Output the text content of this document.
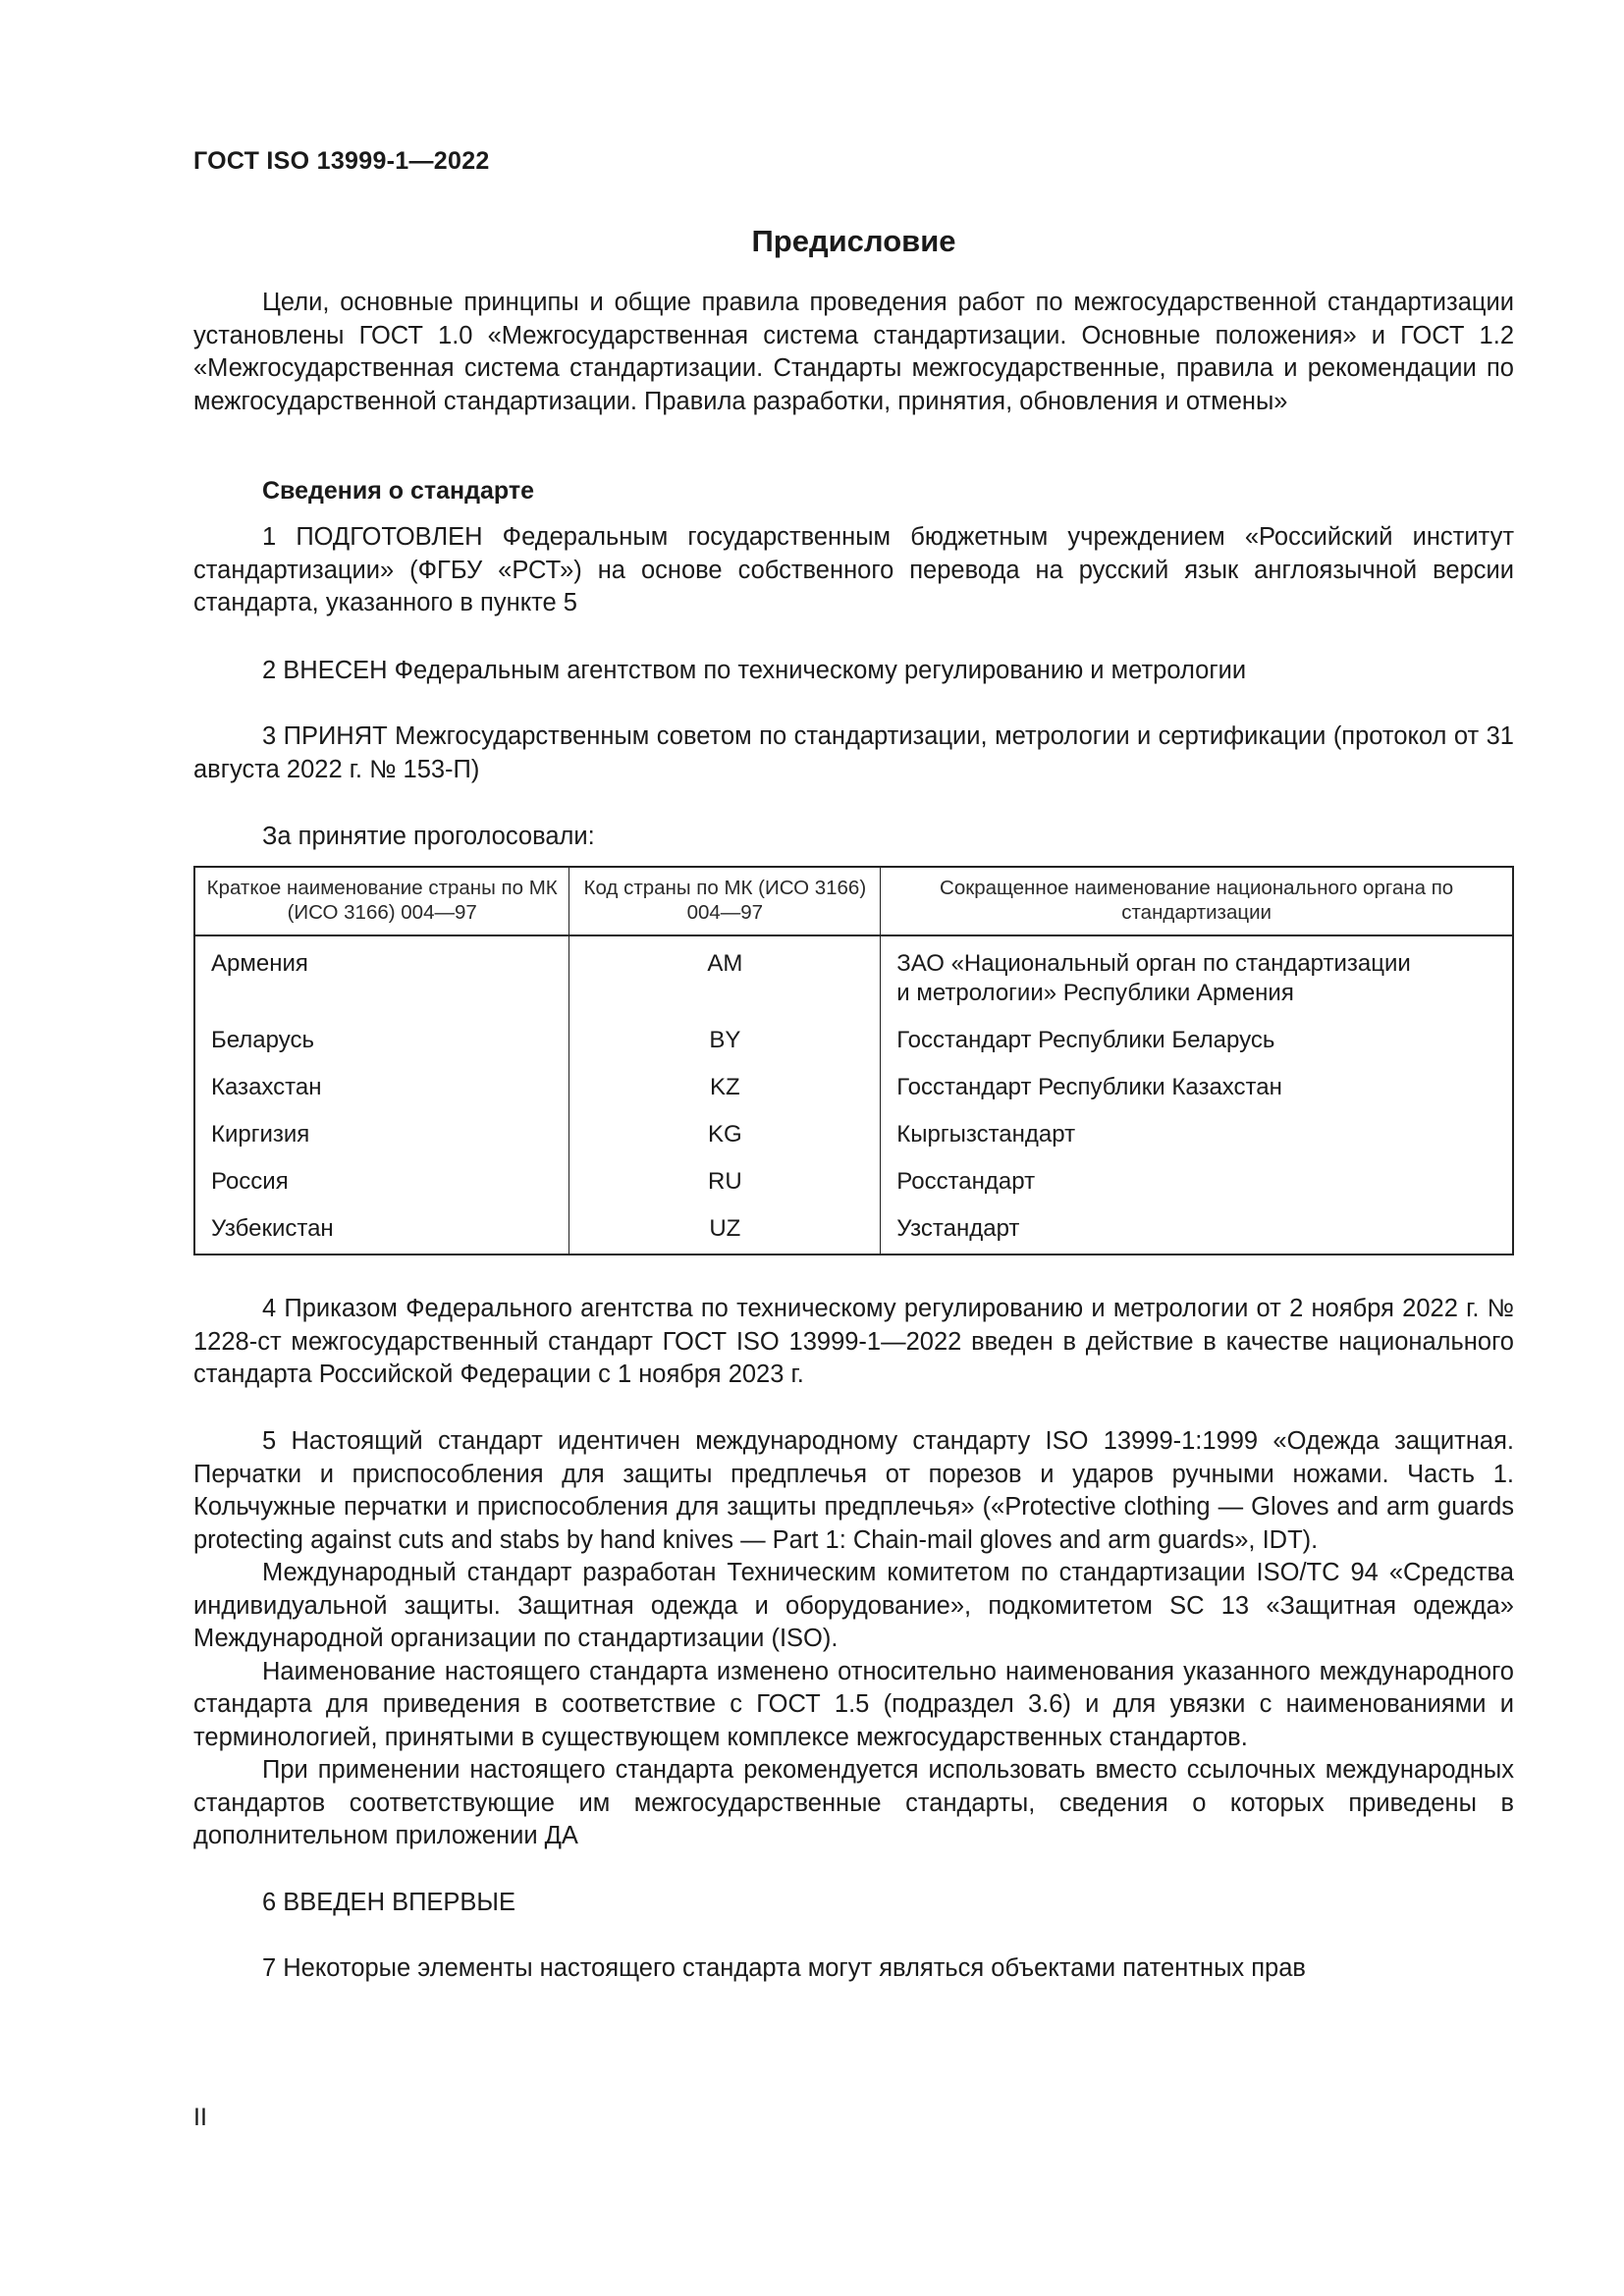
ГОСТ ISO 13999-1—2022
Предисловие

Цели, основные принципы и общие правила проведения работ по межгосударственной стандартизации установлены ГОСТ 1.0 «Межгосударственная система стандартизации. Основные положения» и ГОСТ 1.2 «Межгосударственная система стандартизации. Стандарты межгосударственные, правила и рекомендации по межгосударственной стандартизации. Правила разработки, принятия, обновления и отмены»

Сведения о стандарте

1 ПОДГОТОВЛЕН Федеральным государственным бюджетным учреждением «Российский институт стандартизации» (ФГБУ «РСТ») на основе собственного перевода на русский язык англоязычной версии стандарта, указанного в пункте 5

2 ВНЕСЕН Федеральным агентством по техническому регулированию и метрологии

3 ПРИНЯТ Межгосударственным советом по стандартизации, метрологии и сертификации (протокол от 31 августа 2022 г. № 153-П)

За принятие проголосовали:

Краткое наименование страны по МК (ИСО 3166) 004—97	Код страны по МК (ИСО 3166) 004—97	Сокращенное наименование национального органа по стандартизации
Армения	AM	ЗАО «Национальный орган по стандартизации
и метрологии» Республики Армения
Беларусь	BY	Госстандарт Республики Беларусь
Казахстан	KZ	Госстандарт Республики Казахстан
Киргизия	KG	Кыргызстандарт
Россия	RU	Росстандарт
Узбекистан	UZ	Узстандарт

4 Приказом Федерального агентства по техническому регулированию и метрологии от 2 ноября 2022 г. № 1228-ст межгосударственный стандарт ГОСТ ISO 13999-1—2022 введен в действие в качестве национального стандарта Российской Федерации с 1 ноября 2023 г.

5 Настоящий стандарт идентичен международному стандарту ISO 13999-1:1999 «Одежда защитная. Перчатки и приспособления для защиты предплечья от порезов и ударов ручными ножами. Часть 1. Кольчужные перчатки и приспособления для защиты предплечья» («Protective clothing — Gloves and arm guards protecting against cuts and stabs by hand knives — Part 1: Chain-mail gloves and arm guards», IDT).

Международный стандарт разработан Техническим комитетом по стандартизации ISO/TC 94 «Средства индивидуальной защиты. Защитная одежда и оборудование», подкомитетом SC 13 «Защитная одежда» Международной организации по стандартизации (ISO).

Наименование настоящего стандарта изменено относительно наименования указанного международного стандарта для приведения в соответствие с ГОСТ 1.5 (подраздел 3.6) и для увязки с наименованиями и терминологией, принятыми в существующем комплексе межгосударственных стандартов.

При применении настоящего стандарта рекомендуется использовать вместо ссылочных международных стандартов соответствующие им межгосударственные стандарты, сведения о которых приведены в дополнительном приложении ДА

6 ВВЕДЕН ВПЕРВЫЕ

7 Некоторые элементы настоящего стандарта могут являться объектами патентных прав

II
